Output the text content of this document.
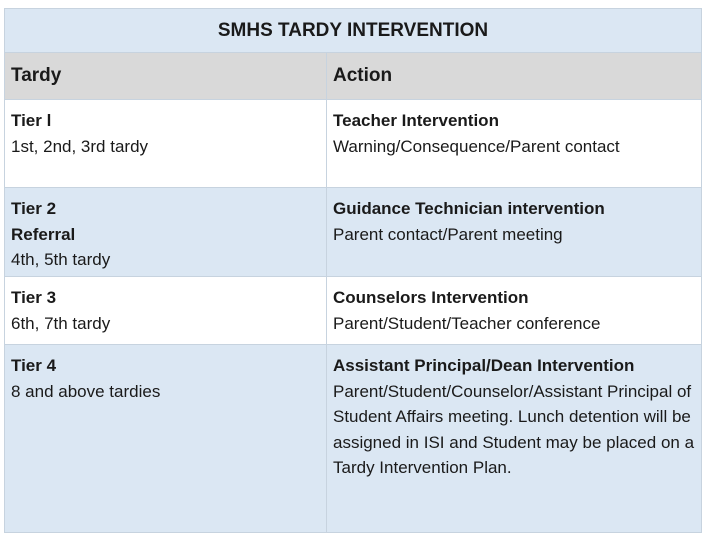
SMHS TARDY INTERVENTION
Tardy	Action
Tier l
1st, 2nd, 3rd tardy
Teacher Intervention
Warning/Consequence/Parent contact
Tier 2
Referral
4th, 5th tardy
Guidance Technician intervention
Parent contact/Parent meeting
Tier 3
6th, 7th tardy
Counselors Intervention
Parent/Student/Teacher conference
Tier 4
8 and above tardies
Assistant Principal/Dean Intervention
Parent/Student/Counselor/Assistant Principal of Student Affairs meeting. Lunch detention will be assigned in ISI and Student may be placed on a Tardy Intervention Plan.
